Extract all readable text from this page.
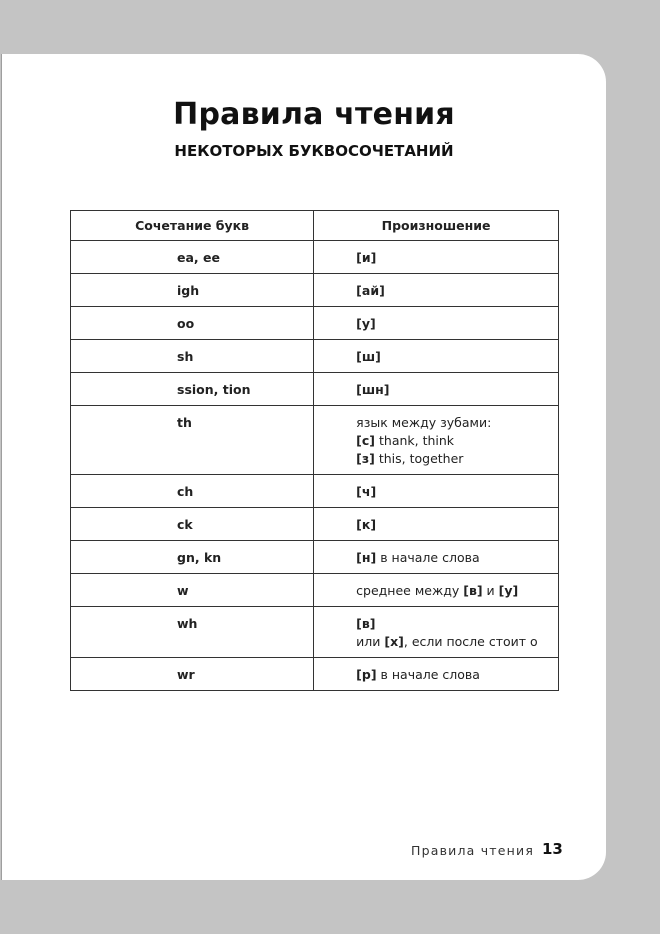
Правила чтения
НЕКОТОРЫХ БУКВОСОЧЕТАНИЙ
Сочетание букв	Произношение
ea, ee	[и]

igh	[ай]

oo	[у]

sh	[ш]

ssion, tion	[шн]

th	язык между зубами:
[с] thank, think
[з] this, together

ch	[ч]

ck	[к]

gn, kn	[н] в начале слова

w	среднее между [в] и [у]

wh	[в]
или [х], если после стоит о

wr	[р] в начале слова
Правила чтения 13
